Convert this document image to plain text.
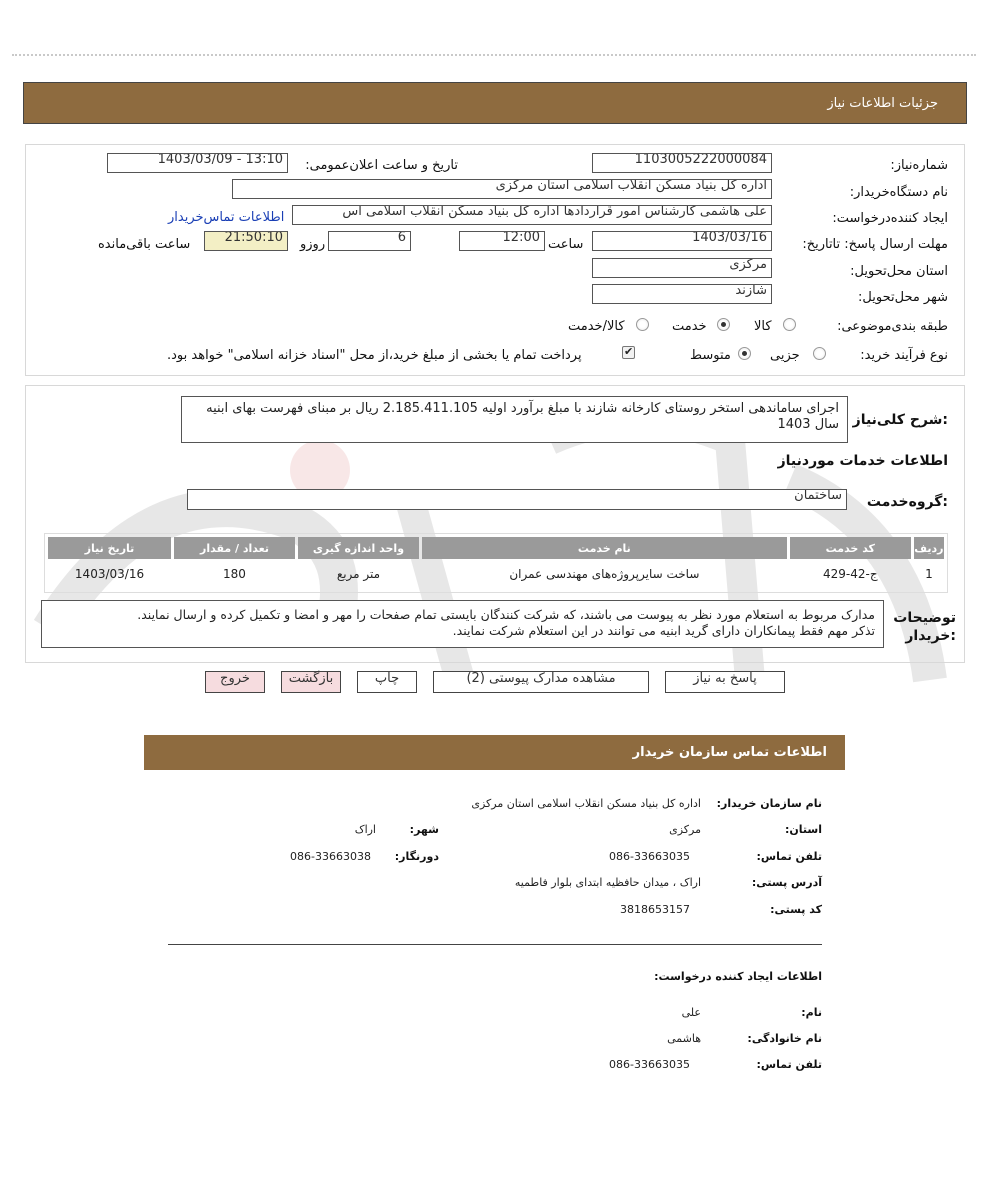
جزئیات اطلاعات نیاز
شماره‌نیاز:
1103005222000084
تاریخ و ساعت اعلان‌عمومی:
1403/03/09 - 13:10
نام دستگاه‌خریدار:
اداره کل بنیاد مسکن انقلاب اسلامی استان مرکزی
ایجاد کننده‌درخواست:
علی هاشمی کارشناس امور قراردادها اداره کل بنیاد مسکن انقلاب اسلامی اس
اطلاعات تماس‌خریدار
مهلت ارسال پاسخ: تاتاریخ:
1403/03/16
ساعت
12:00
6
روزو
21:50:10
ساعت باقی‌مانده
استان محل‌تحویل:
مرکزی
شهر محل‌تحویل:
شازند
طبقه بندی‌موضوعی:
کالا
خدمت
کالا/خدمت
نوع فرآیند خرید:
جزیی
متوسط
✔
پرداخت تمام یا بخشی از مبلغ خرید،از محل "اسناد خزانه اسلامی" خواهد بود.
شرح کلی‌نیاز:
اجرای ساماندهی استخر روستای کارخانه شازند با مبلغ برآورد اولیه 2.185.411.105 ریال بر مبنای فهرست بهای ابنیه سال 1403
اطلاعات خدمات موردنیاز
گروه‌خدمت:
ساختمان
ردیف	کد خدمت	نام خدمت	واحد اندازه گیری	تعداد / مقدار	تاریخ نیاز
1	ج-42-429	ساخت سایرپروژه‌های مهندسی عمران	متر مربع	180	1403/03/16
توضیحات
خریدار:
مدارک مربوط به استعلام مورد نظر به پیوست می باشند، که شرکت کنندگان بایستی تمام صفحات را مهر و امضا و تکمیل کرده و ارسال نمایند.
تذکر مهم فقط پیمانکاران دارای گرید ابنیه می توانند در این استعلام شرکت نمایند.
پاسخ به نیاز
مشاهده مدارک پیوستی (2)
چاپ
بازگشت
خروج
اطلاعات تماس سازمان خریدار
نام سازمان خریدار:
اداره کل بنیاد مسکن انقلاب اسلامی استان مرکزی
استان:
مرکزی
شهر:
اراک
تلفن تماس:
086-33663035
دورنگار:
086-33663038
آدرس پستی:
اراک ، میدان حافظیه ابتدای بلوار فاطمیه
کد پستی:
3818653157
اطلاعات ایجاد کننده درخواست:
نام:
علی
نام خانوادگی:
هاشمی
تلفن تماس:
086-33663035
